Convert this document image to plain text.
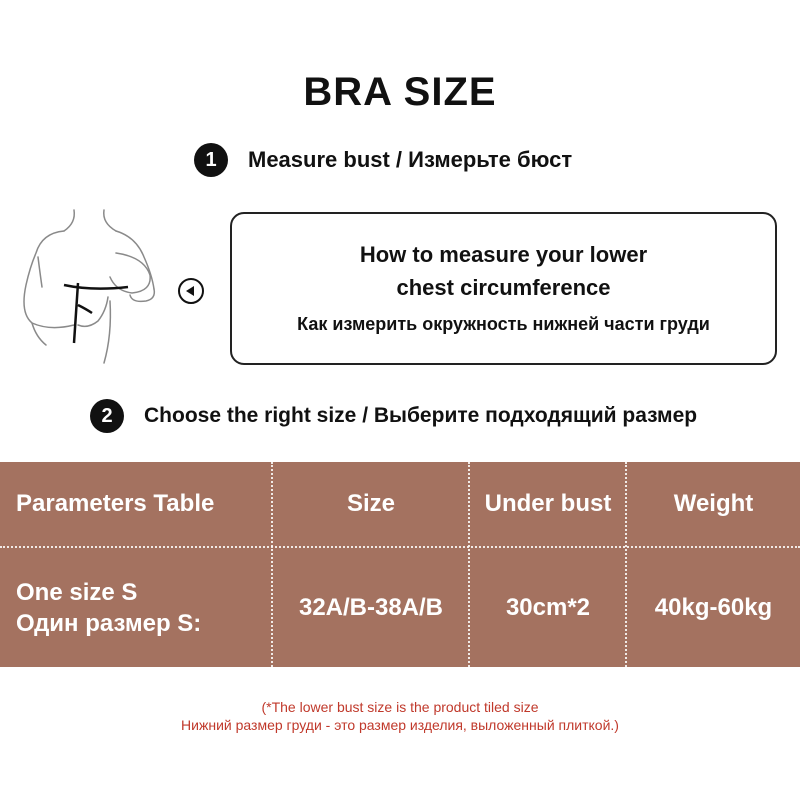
BRA SIZE
1	Measure bust / Измерьте бюст
How to measure your lower
chest circumference
Как измерить окружность нижней части груди
2	Choose the right size / Выберите подходящий размер
Parameters Table	Size	Under bust	Weight
One size S
Один размер S:
32A/B-38A/B	30cm*2	40kg-60kg
(*The lower bust size is the product tiled size
Нижний размер груди - это размер изделия, выложенный плиткой.)
